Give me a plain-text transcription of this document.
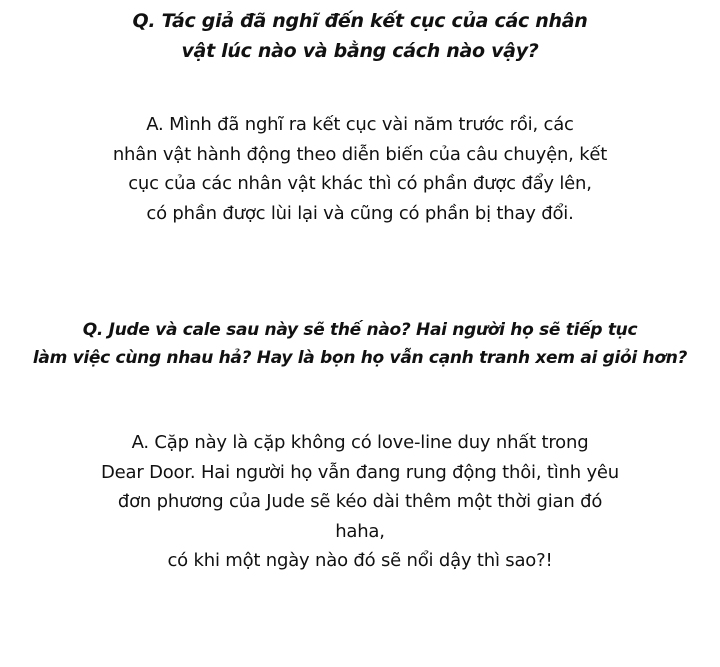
Q. Tác giả đã nghĩ đến kết cục của các nhân
vật lúc nào và bằng cách nào vậy?
A. Mình đã nghĩ ra kết cục vài năm trước rồi, các
nhân vật hành động theo diễn biến của câu chuyện, kết
cục của các nhân vật khác thì có phần được đẩy lên,
có phần được lùi lại và cũng có phần bị thay đổi.
Q. Jude và cale sau này sẽ thế nào? Hai người họ sẽ tiếp tục
làm việc cùng nhau hả? Hay là bọn họ vẫn cạnh tranh xem ai giỏi hơn?
A. Cặp này là cặp không có love-line duy nhất trong
Dear Door. Hai người họ vẫn đang rung động thôi, tình yêu
đơn phương của Jude sẽ kéo dài thêm một thời gian đó
haha,
có khi một ngày nào đó sẽ nổi dậy thì sao?!
